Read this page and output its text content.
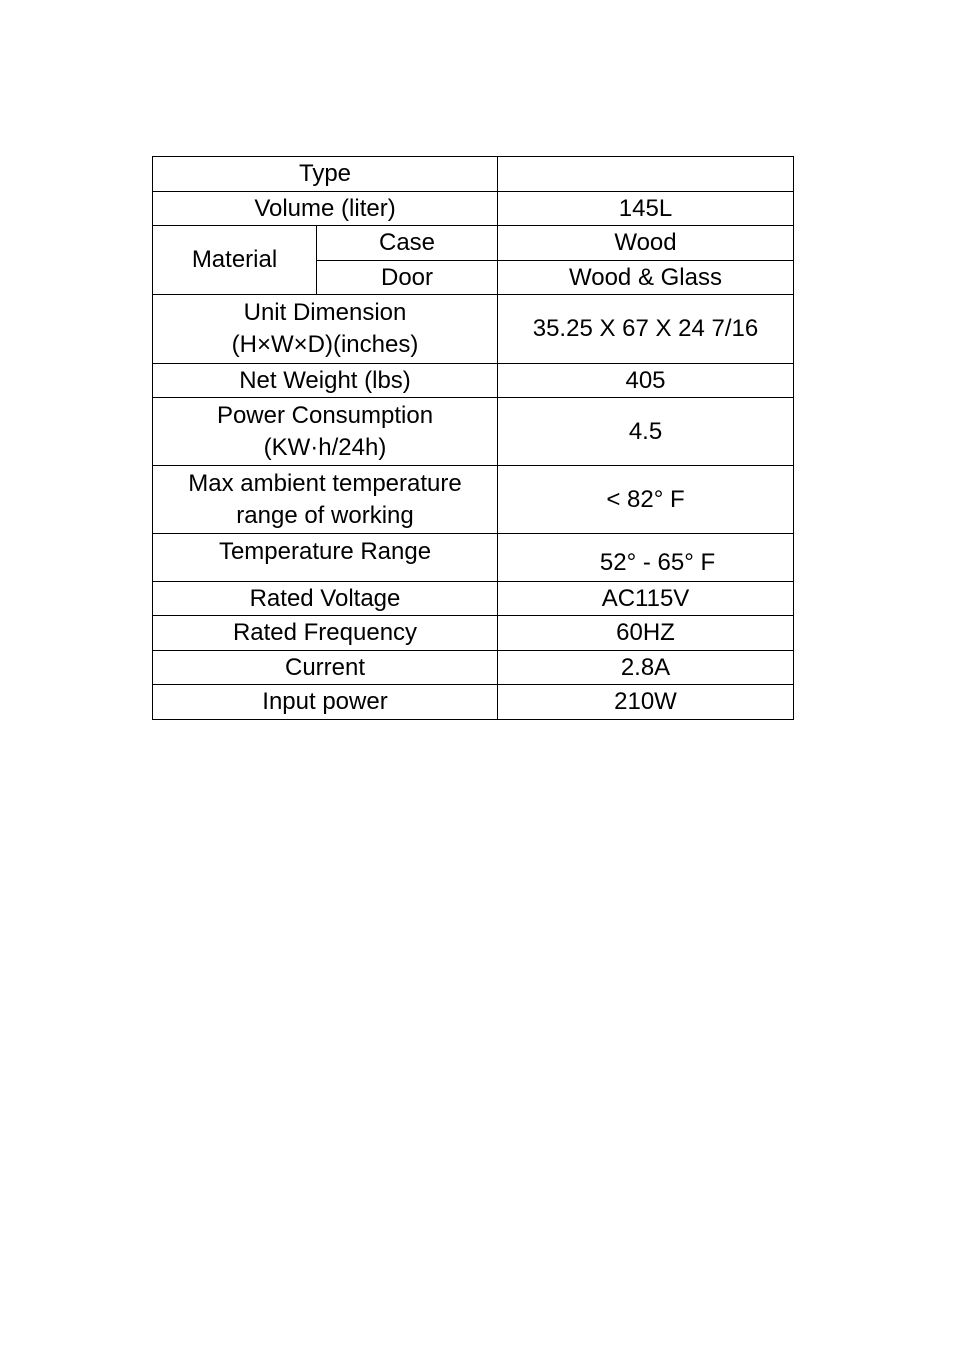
Type		
Volume (liter)		145L
Material	Case	Wood
	Door	Wood & Glass
Unit Dimension
(H×W×D)(inches)		35.25 X 67 X 24 7/16
Net Weight (lbs)		405
Power Consumption
(KW·h/24h)		4.5
Max ambient temperature
range of working		< 82° F
Temperature Range		52° - 65° F
Rated Voltage		AC115V
Rated Frequency		60HZ
Current		2.8A
Input power		210W
